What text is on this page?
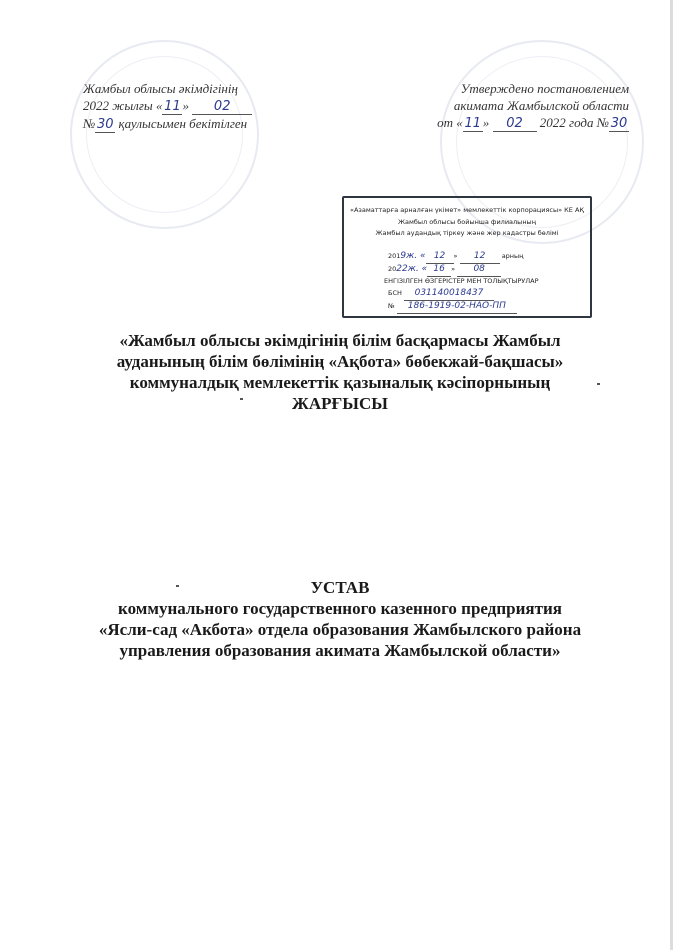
Жамбыл облысы әкімдігінің
2022 жылғы « 11 » 02
№ 30 қаулысымен бекітілген
Утверждено постановлением
акимата Жамбылской области
от « 11 » 02 2022 года № 30
«Азаматтарға арналған үкімет» мемлекеттік корпорациясы» КЕ АҚ
Жамбыл облысы бойынша филиалының
Жамбыл аудандық тіркеу және жер кадастры бөлімі
2019ж. « 12 » 12	арның
2022ж. « 16 » 08
ЕНГІЗІЛГЕН ӨЗГЕРІСТЕР МЕН ТОЛЫҚТЫРУЛАР
БСН 031140018437
№ 186-1919-02-НАО-ПП
«Жамбыл облысы әкімдігінің білім басқармасы Жамбыл
ауданының білім бөлімінің «Ақбота» бөбекжай-бақшасы»
коммуналдық мемлекеттік қазыналық кәсіпорнының
ЖАРҒЫСЫ
УСТАВ
коммунального государственного казенного предприятия
«Ясли-сад «Акбота» отдела образования Жамбылского района
управления образования акимата Жамбылской области»
